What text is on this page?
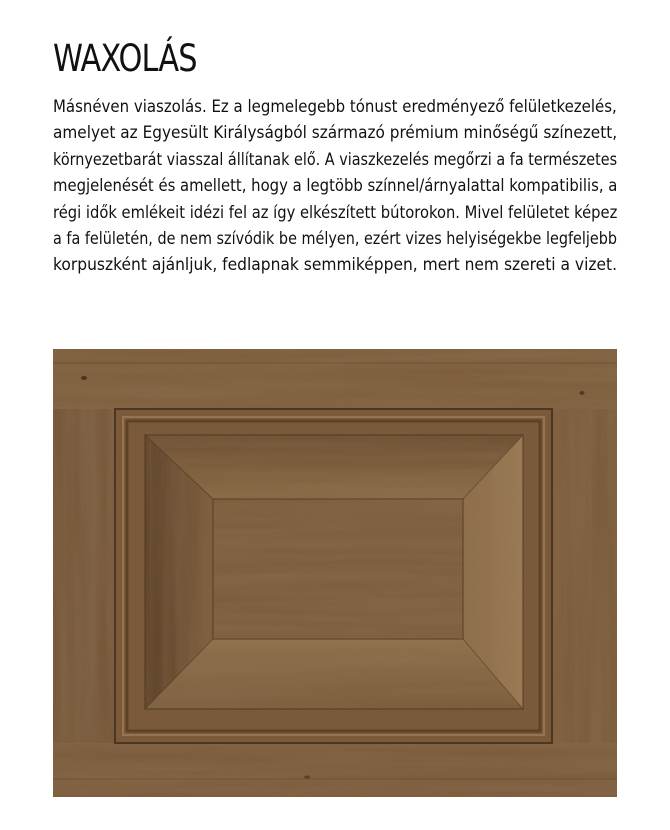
WAXOLÁS
Másnéven viaszolás. Ez a legmelegebb tónust eredményező felületkezelés,
amelyet az Egyesült Királyságból származó prémium minőségű színezett,
környezetbarát viasszal állítanak elő. A viaszkezelés megőrzi a fa természetes
megjelenését és amellett, hogy a legtöbb színnel/árnyalattal kompatibilis, a
régi idők emlékeit idézi fel az így elkészített bútorokon. Mivel felületet képez
a fa felületén, de nem szívódik be mélyen, ezért vizes helyiségekbe legfeljebb
korpuszként ajánljuk, fedlapnak semmiképpen, mert nem szereti a vizet.
